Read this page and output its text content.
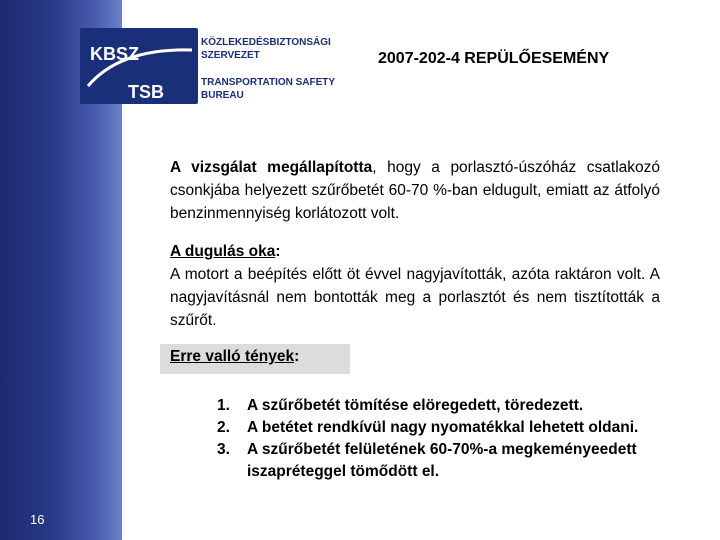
16
KBSZ
TSB
KÖZLEKEDÉSBIZTONSÁGI
SZERVEZET
TRANSPORTATION SAFETY
BUREAU
2007-202-4 REPÜLŐESEMÉNY

A vizsgálat megállapította, hogy a porlasztó-úszóház csatlakozó csonkjába helyezett szűrőbetét 60-70 %-ban eldugult, emiatt az átfolyó benzinmennyiség korlátozott volt.

A dugulás oka:
A motort a beépítés előtt öt évvel nagyjavították, azóta raktáron volt. A nagyjavításnál nem bontották meg a porlasztót és nem tisztították a szűrőt.

Erre valló tények:
1. A szűrőbetét tömítése elöregedett, töredezett.
2. A betétet rendkívül nagy nyomatékkal lehetett oldani.
3. A szűrőbetét felületének 60-70%-a megkeményeedett iszapréteggel tömődött el.
